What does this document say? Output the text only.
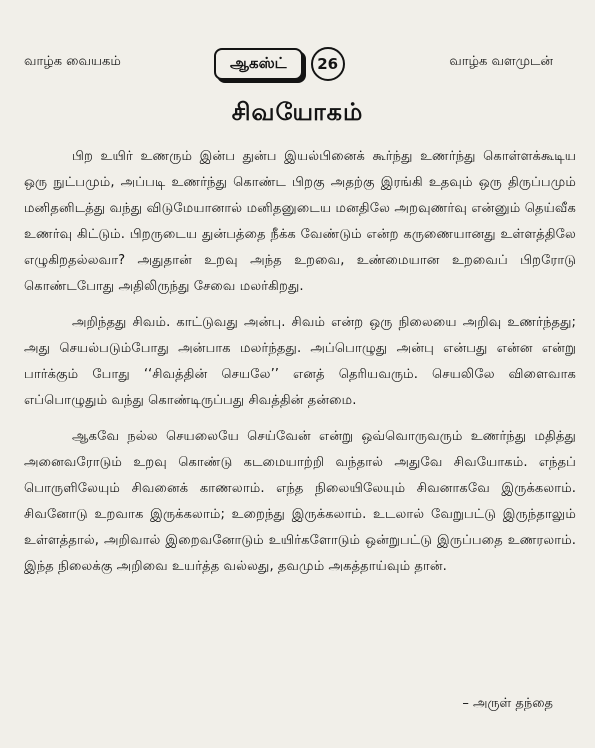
வாழ்க வையகம்	ஆகஸ்ட்	26	வாழ்க வளமுடன்
சிவயோகம்

பிற உயிர் உணரும் இன்ப துன்ப இயல்பினைக் கூர்ந்து உணர்ந்து கொள்ளக்கூடிய ஒரு நுட்பமும், அப்படி உணர்ந்து கொண்ட பிறகு அதற்கு இரங்கி உதவும் ஒரு திருப்பமும் மனிதனிடத்து வந்து விடுமேயானால் மனிதனுடைய மனதிலே அறவுணர்வு என்னும் தெய்வீக உணர்வு கிட்டும். பிறருடைய துன்பத்தை நீக்க வேண்டும் என்ற கருணையானது உள்ளத்திலே எழுகிறதல்லவா? அதுதான் உறவு அந்த உறவை, உண்மையான உறவைப் பிறரோடு கொண்டபோது அதிலிருந்து சேவை மலர்கிறது.

அறிந்தது சிவம். காட்டுவது அன்பு. சிவம் என்ற ஒரு நிலையை அறிவு உணர்ந்தது; அது செயல்படும்போது அன்பாக மலர்ந்தது. அப்பொழுது அன்பு என்பது என்ன என்று பார்க்கும் போது ‘‘சிவத்தின் செயலே’’ எனத் தெரியவரும். செயலிலே விளைவாக எப்பொழுதும் வந்து கொண்டிருப்பது சிவத்தின் தன்மை.

ஆகவே நல்ல செயலையே செய்வேன் என்று ஒவ்வொருவரும் உணர்ந்து மதித்து அனைவரோடும் உறவு கொண்டு கடமையாற்றி வந்தால் அதுவே சிவயோகம். எந்தப் பொருளிலேயும் சிவனைக் காணலாம். எந்த நிலையிலேயும் சிவனாகவே இருக்கலாம். சிவனோடு உறவாக இருக்கலாம்; உறைந்து இருக்கலாம். உடலால் வேறுபட்டு இருந்தாலும் உள்ளத்தால், அறிவால் இறைவனோடும் உயிர்களோடும் ஒன்றுபட்டு இருப்பதை உணரலாம். இந்த நிலைக்கு அறிவை உயர்த்த வல்லது, தவமும் அகத்தாய்வும் தான்.

– அருள் தந்தை
